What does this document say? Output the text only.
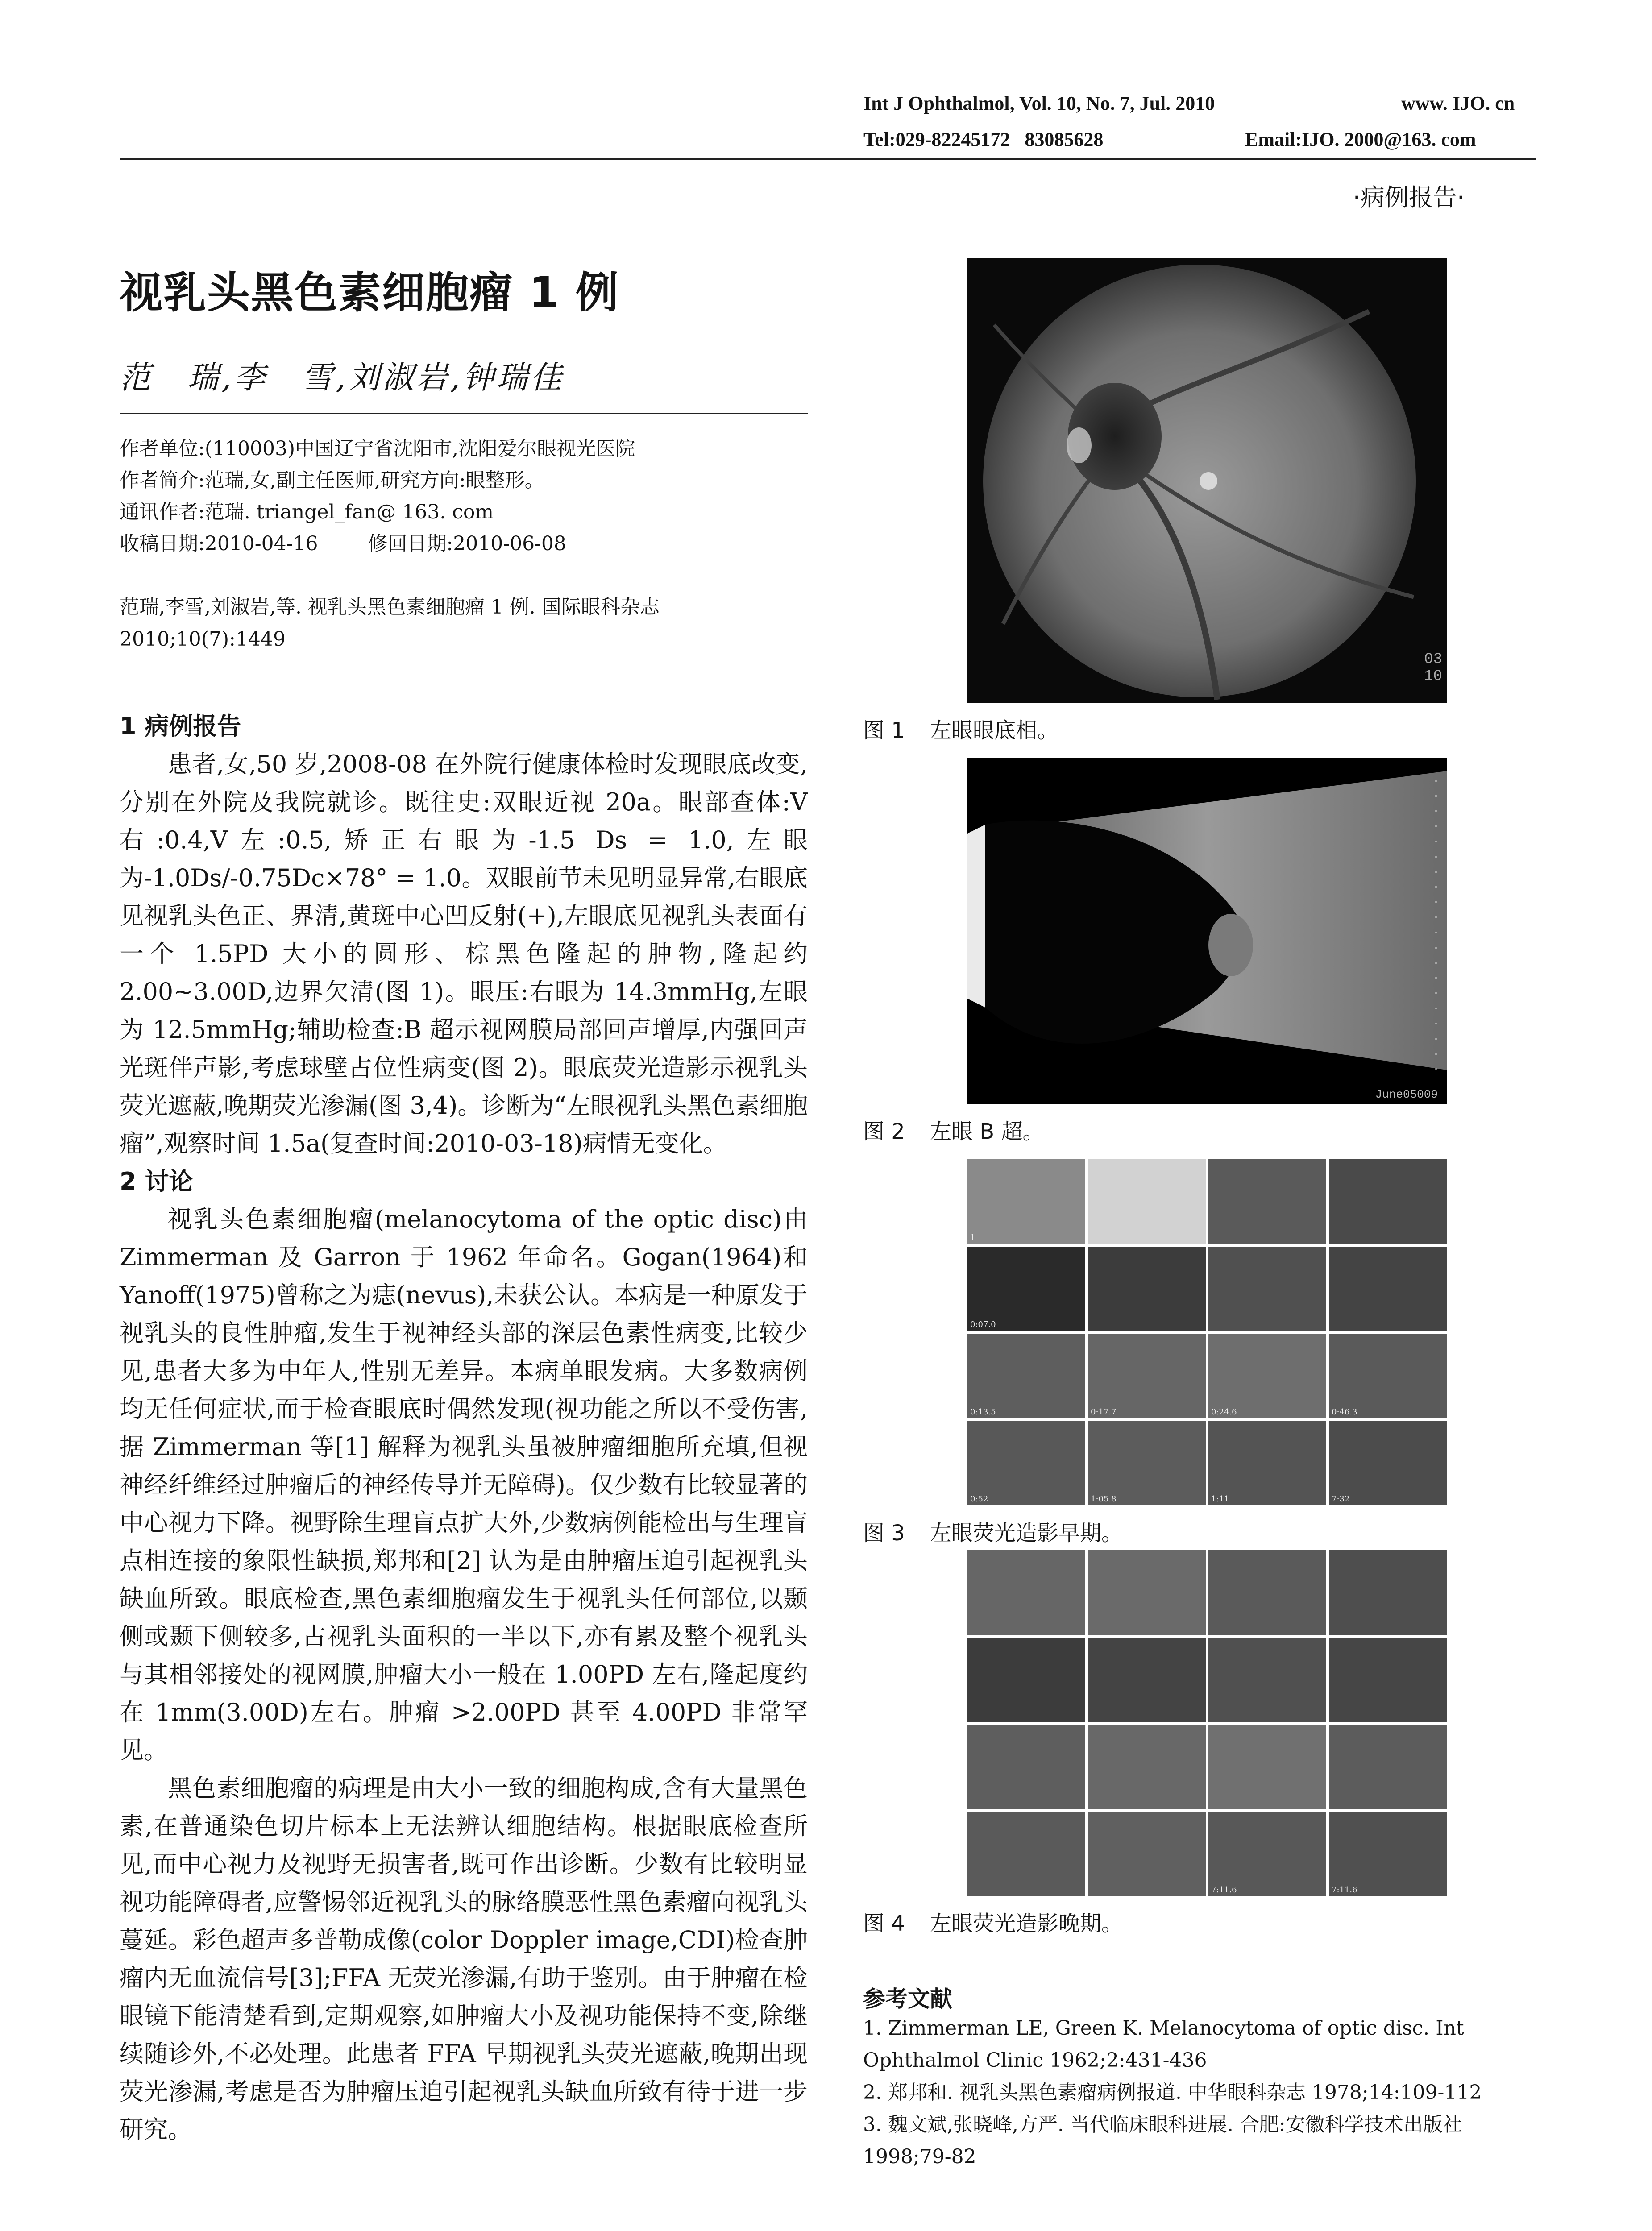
Int J Ophthalmol, Vol. 10, No. 7, Jul. 2010	www. IJO. cn
Tel:029-82245172   83085628	Email:IJO. 2000@163. com
·病例报告·
视乳头黑色素细胞瘤 1 例
范　瑞,李　雪,刘淑岩,钟瑞佳
作者单位:(110003)中国辽宁省沈阳市,沈阳爱尔眼视光医院
作者简介:范瑞,女,副主任医师,研究方向:眼整形。
通讯作者:范瑞. triangel_fan@ 163. com
收稿日期:2010-04-16        修回日期:2010-06-08
范瑞,李雪,刘淑岩,等. 视乳头黑色素细胞瘤 1 例. 国际眼科杂志 2010;10(7):1449
1 病例报告

患者,女,50 岁,2008-08 在外院行健康体检时发现眼底改变,分别在外院及我院就诊。既往史:双眼近视 20a。眼部查体:V右:0.4,V左:0.5,矫正右眼为-1.5 Ds = 1.0,左眼为-1.0Ds/-0.75Dc×78° = 1.0。双眼前节未见明显异常,右眼底见视乳头色正、界清,黄斑中心凹反射(+),左眼底见视乳头表面有一个 1.5PD 大小的圆形、棕黑色隆起的肿物,隆起约 2.00~3.00D,边界欠清(图 1)。眼压:右眼为 14.3mmHg,左眼为 12.5mmHg;辅助检查:B 超示视网膜局部回声增厚,内强回声光斑伴声影,考虑球壁占位性病变(图 2)。眼底荧光造影示视乳头荧光遮蔽,晚期荧光渗漏(图 3,4)。诊断为“左眼视乳头黑色素细胞瘤”,观察时间 1.5a(复查时间:2010-03-18)病情无变化。

2 讨论

视乳头色素细胞瘤(melanocytoma of the optic disc)由 Zimmerman 及 Garron 于 1962 年命名。Gogan(1964)和 Yanoff(1975)曾称之为痣(nevus),未获公认。本病是一种原发于视乳头的良性肿瘤,发生于视神经头部的深层色素性病变,比较少见,患者大多为中年人,性别无差异。本病单眼发病。大多数病例均无任何症状,而于检查眼底时偶然发现(视功能之所以不受伤害,据 Zimmerman 等[1] 解释为视乳头虽被肿瘤细胞所充填,但视神经纤维经过肿瘤后的神经传导并无障碍)。仅少数有比较显著的中心视力下降。视野除生理盲点扩大外,少数病例能检出与生理盲点相连接的象限性缺损,郑邦和[2] 认为是由肿瘤压迫引起视乳头缺血所致。眼底检查,黑色素细胞瘤发生于视乳头任何部位,以颞侧或颞下侧较多,占视乳头面积的一半以下,亦有累及整个视乳头与其相邻接处的视网膜,肿瘤大小一般在 1.00PD 左右,隆起度约在 1mm(3.00D)左右。肿瘤 >2.00PD 甚至 4.00PD 非常罕见。

黑色素细胞瘤的病理是由大小一致的细胞构成,含有大量黑色素,在普通染色切片标本上无法辨认细胞结构。根据眼底检查所见,而中心视力及视野无损害者,既可作出诊断。少数有比较明显视功能障碍者,应警惕邻近视乳头的脉络膜恶性黑色素瘤向视乳头蔓延。彩色超声多普勒成像(color Doppler image,CDI)检查肿瘤内无血流信号[3];FFA 无荧光渗漏,有助于鉴别。由于肿瘤在检眼镜下能清楚看到,定期观察,如肿瘤大小及视功能保持不变,除继续随诊外,不必处理。此患者 FFA 早期视乳头荧光遮蔽,晚期出现荧光渗漏,考虑是否为肿瘤压迫引起视乳头缺血所致有待于进一步研究。

03
10
图 1 左眼眼底相。
June05009
图 2 左眼 B 超。
1
0:07.0
0:13.5	0:17.7	0:24.6	0:46.3
0:52	1:05.8	1:11	7:32
图 3 左眼荧光造影早期。
7:11.6	7:11.6
图 4 左眼荧光造影晚期。
参考文献
1. Zimmerman LE, Green K. Melanocytoma of optic disc. Int Ophthalmol Clinic 1962;2:431-436
2. 郑邦和. 视乳头黑色素瘤病例报道. 中华眼科杂志 1978;14:109-112
3. 魏文斌,张晓峰,方严. 当代临床眼科进展. 合肥:安徽科学技术出版社 1998;79-82
